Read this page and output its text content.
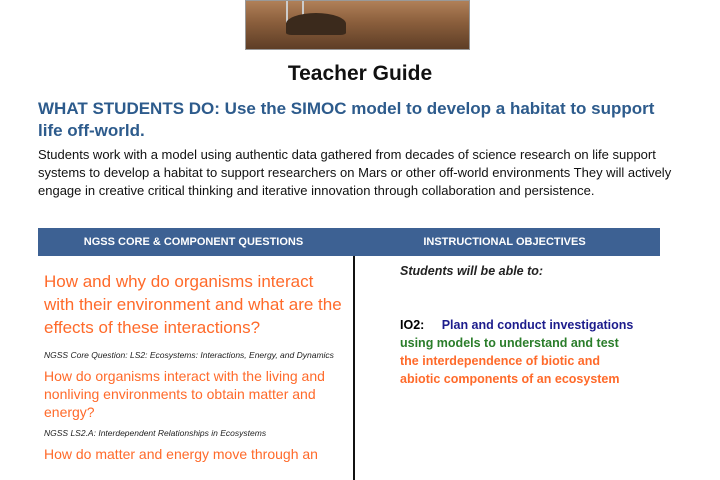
Teacher Guide
WHAT STUDENTS DO: Use the SIMOC model to develop a habitat to support life off-world.
Students work with a model using authentic data gathered from decades of science research on life support systems to develop a habitat to support researchers on Mars or other off-world environments They will actively engage in creative critical thinking and iterative innovation through collaboration and persistence.
NGSS CORE & COMPONENT QUESTIONS	INSTRUCTIONAL OBJECTIVES
How and why do organisms interact with their environment and what are the effects of these interactions?
NGSS Core Question: LS2: Ecosystems: Interactions, Energy, and Dynamics
How do organisms interact with the living and nonliving environments to obtain matter and energy?
NGSS LS2.A: Interdependent Relationships in Ecosystems
How do matter and energy move through an
Students will be able to:
IO2: Plan and conduct investigations using models to understand and test the interdependence of biotic and abiotic components of an ecosystem
